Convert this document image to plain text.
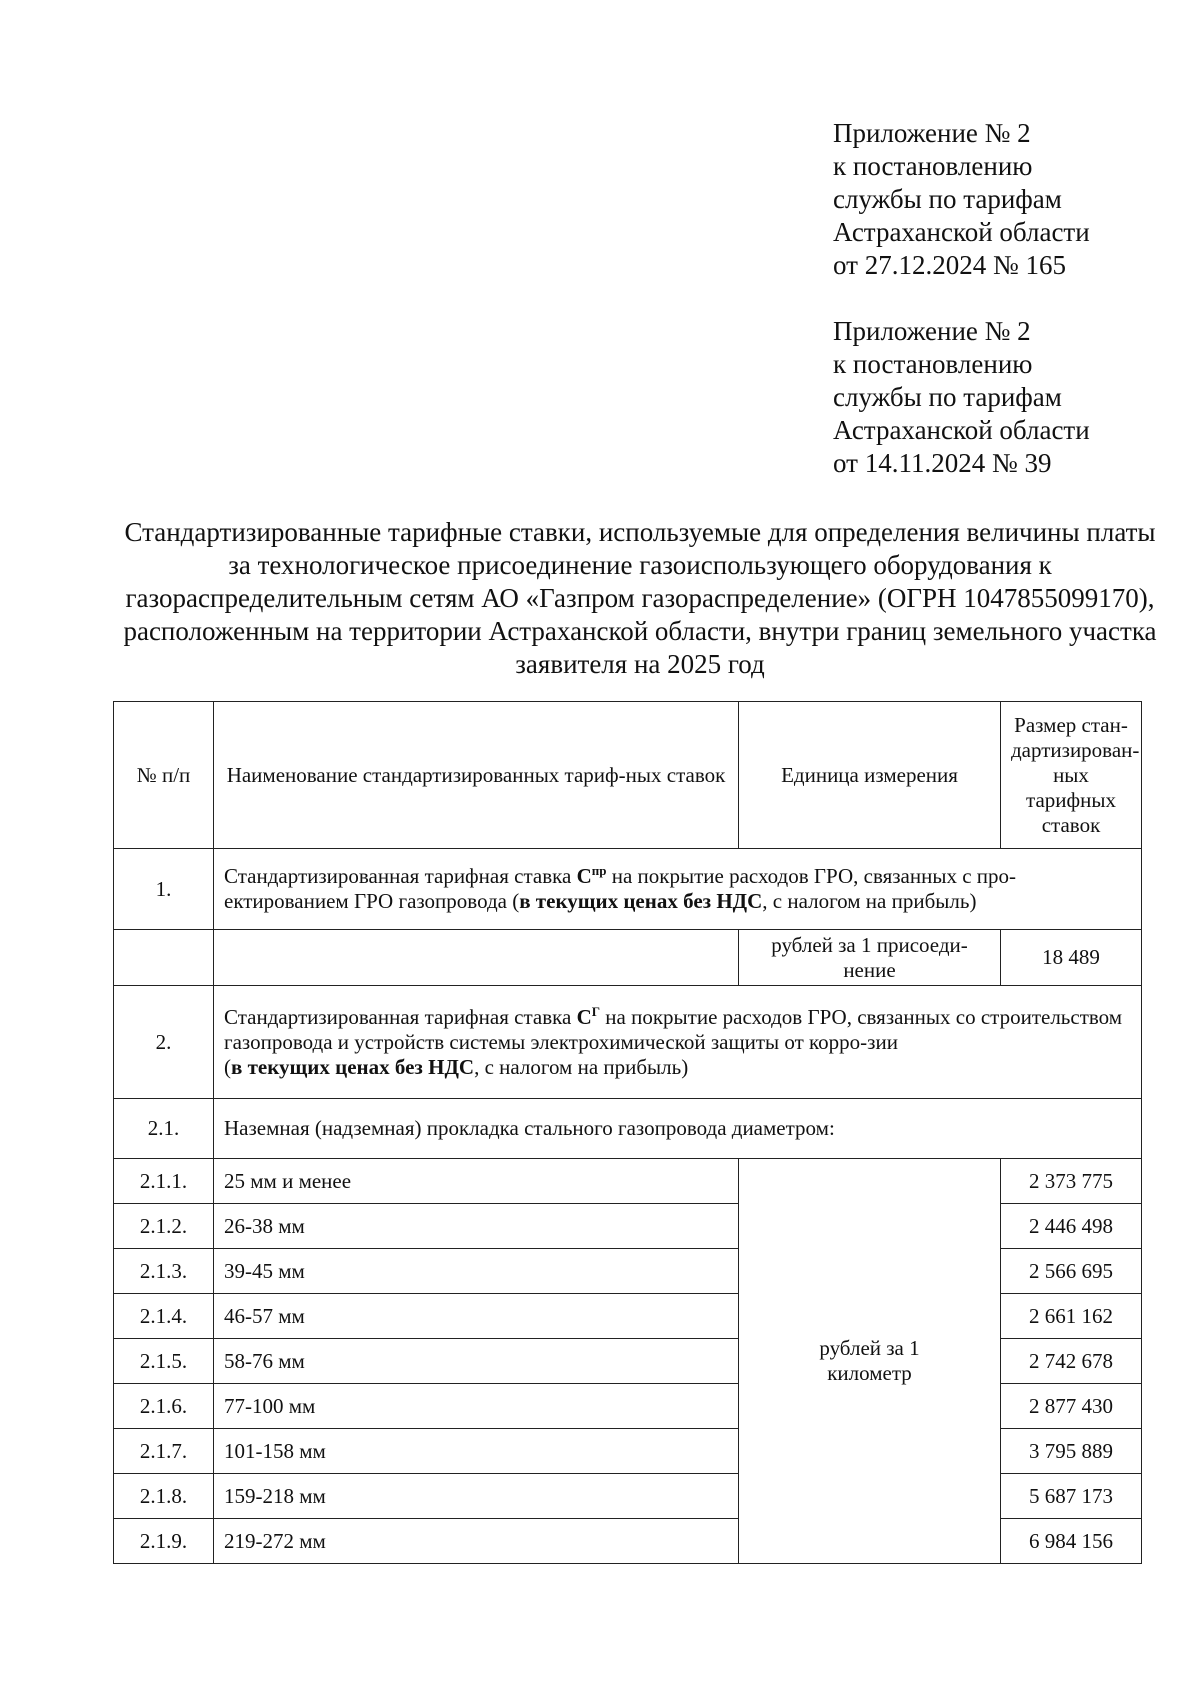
Приложение № 2
к постановлению
службы по тарифам
Астраханской области
от 27.12.2024 № 165
Приложение № 2
к постановлению
службы по тарифам
Астраханской области
от 14.11.2024 № 39
Стандартизированные тарифные ставки, используемые для определения величины платы за технологическое присоединение газоиспользующего оборудования к газораспределительным сетям АО «Газпром газораспределение» (ОГРН 1047855099170), расположенным на территории Астраханской области, внутри границ земельного участка заявителя на 2025 год
№ п/п	Наименование стандартизированных тариф-ных ставок	Единица измерения	Размер стан-дартизирован-ных тарифных ставок
1.	Стандартизированная тарифная ставка $С^{пр}$ на покрытие расходов ГРО, связанных с про-ектированием ГРО газопровода (в текущих ценах без НДС, с налогом на прибыль)		
		рублей за 1 присоеди-нение	18 489
2.	Стандартизированная тарифная ставка $С^Г$ на покрытие расходов ГРО, связанных со строительством газопровода и устройств системы электрохимической защиты от корро-зии
(в текущих ценах без НДС, с налогом на прибыль)		
2.1.	Наземная (надземная) прокладка стального газопровода диаметром:		
2.1.1.	25 мм и менее	рублей за 1 километр	2 373 775
2.1.2.	26-38 мм		2 446 498
2.1.3.	39-45 мм		2 566 695
2.1.4.	46-57 мм		2 661 162
2.1.5.	58-76 мм		2 742 678
2.1.6.	77-100 мм		2 877 430
2.1.7.	101-158 мм		3 795 889
2.1.8.	159-218 мм		5 687 173
2.1.9.	219-272 мм		6 984 156
